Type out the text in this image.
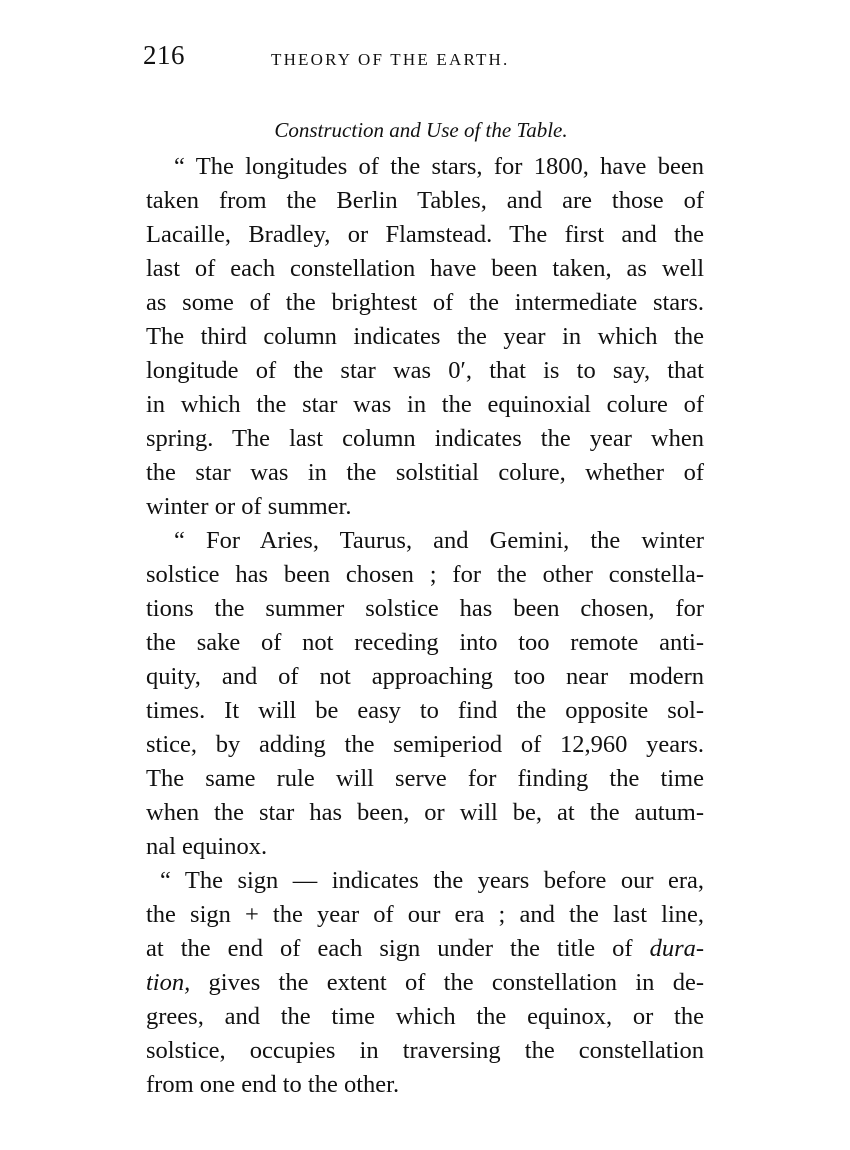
216	THEORY OF THE EARTH.
Construction and Use of the Table.
“ The longitudes of the stars, for 1800, have been
taken from the Berlin Tables, and are those of
Lacaille, Bradley, or Flamstead. The first and the
last of each constellation have been taken, as well
as some of the brightest of the intermediate stars.
The third column indicates the year in which the
longitude of the star was 0′, that is to say, that
in which the star was in the equinoxial colure of
spring. The last column indicates the year when
the star was in the solstitial colure, whether of
winter or of summer.
“ For Aries, Taurus, and Gemini, the winter
solstice has been chosen ; for the other constella-
tions the summer solstice has been chosen, for
the sake of not receding into too remote anti-
quity, and of not approaching too near modern
times. It will be easy to find the opposite sol-
stice, by adding the semiperiod of 12,960 years.
The same rule will serve for finding the time
when the star has been, or will be, at the autum-
nal equinox.
“ The sign — indicates the years before our era,
the sign + the year of our era ; and the last line,
at the end of each sign under the title of dura-
tion, gives the extent of the constellation in de-
grees, and the time which the equinox, or the
solstice, occupies in traversing the constellation
from one end to the other.
